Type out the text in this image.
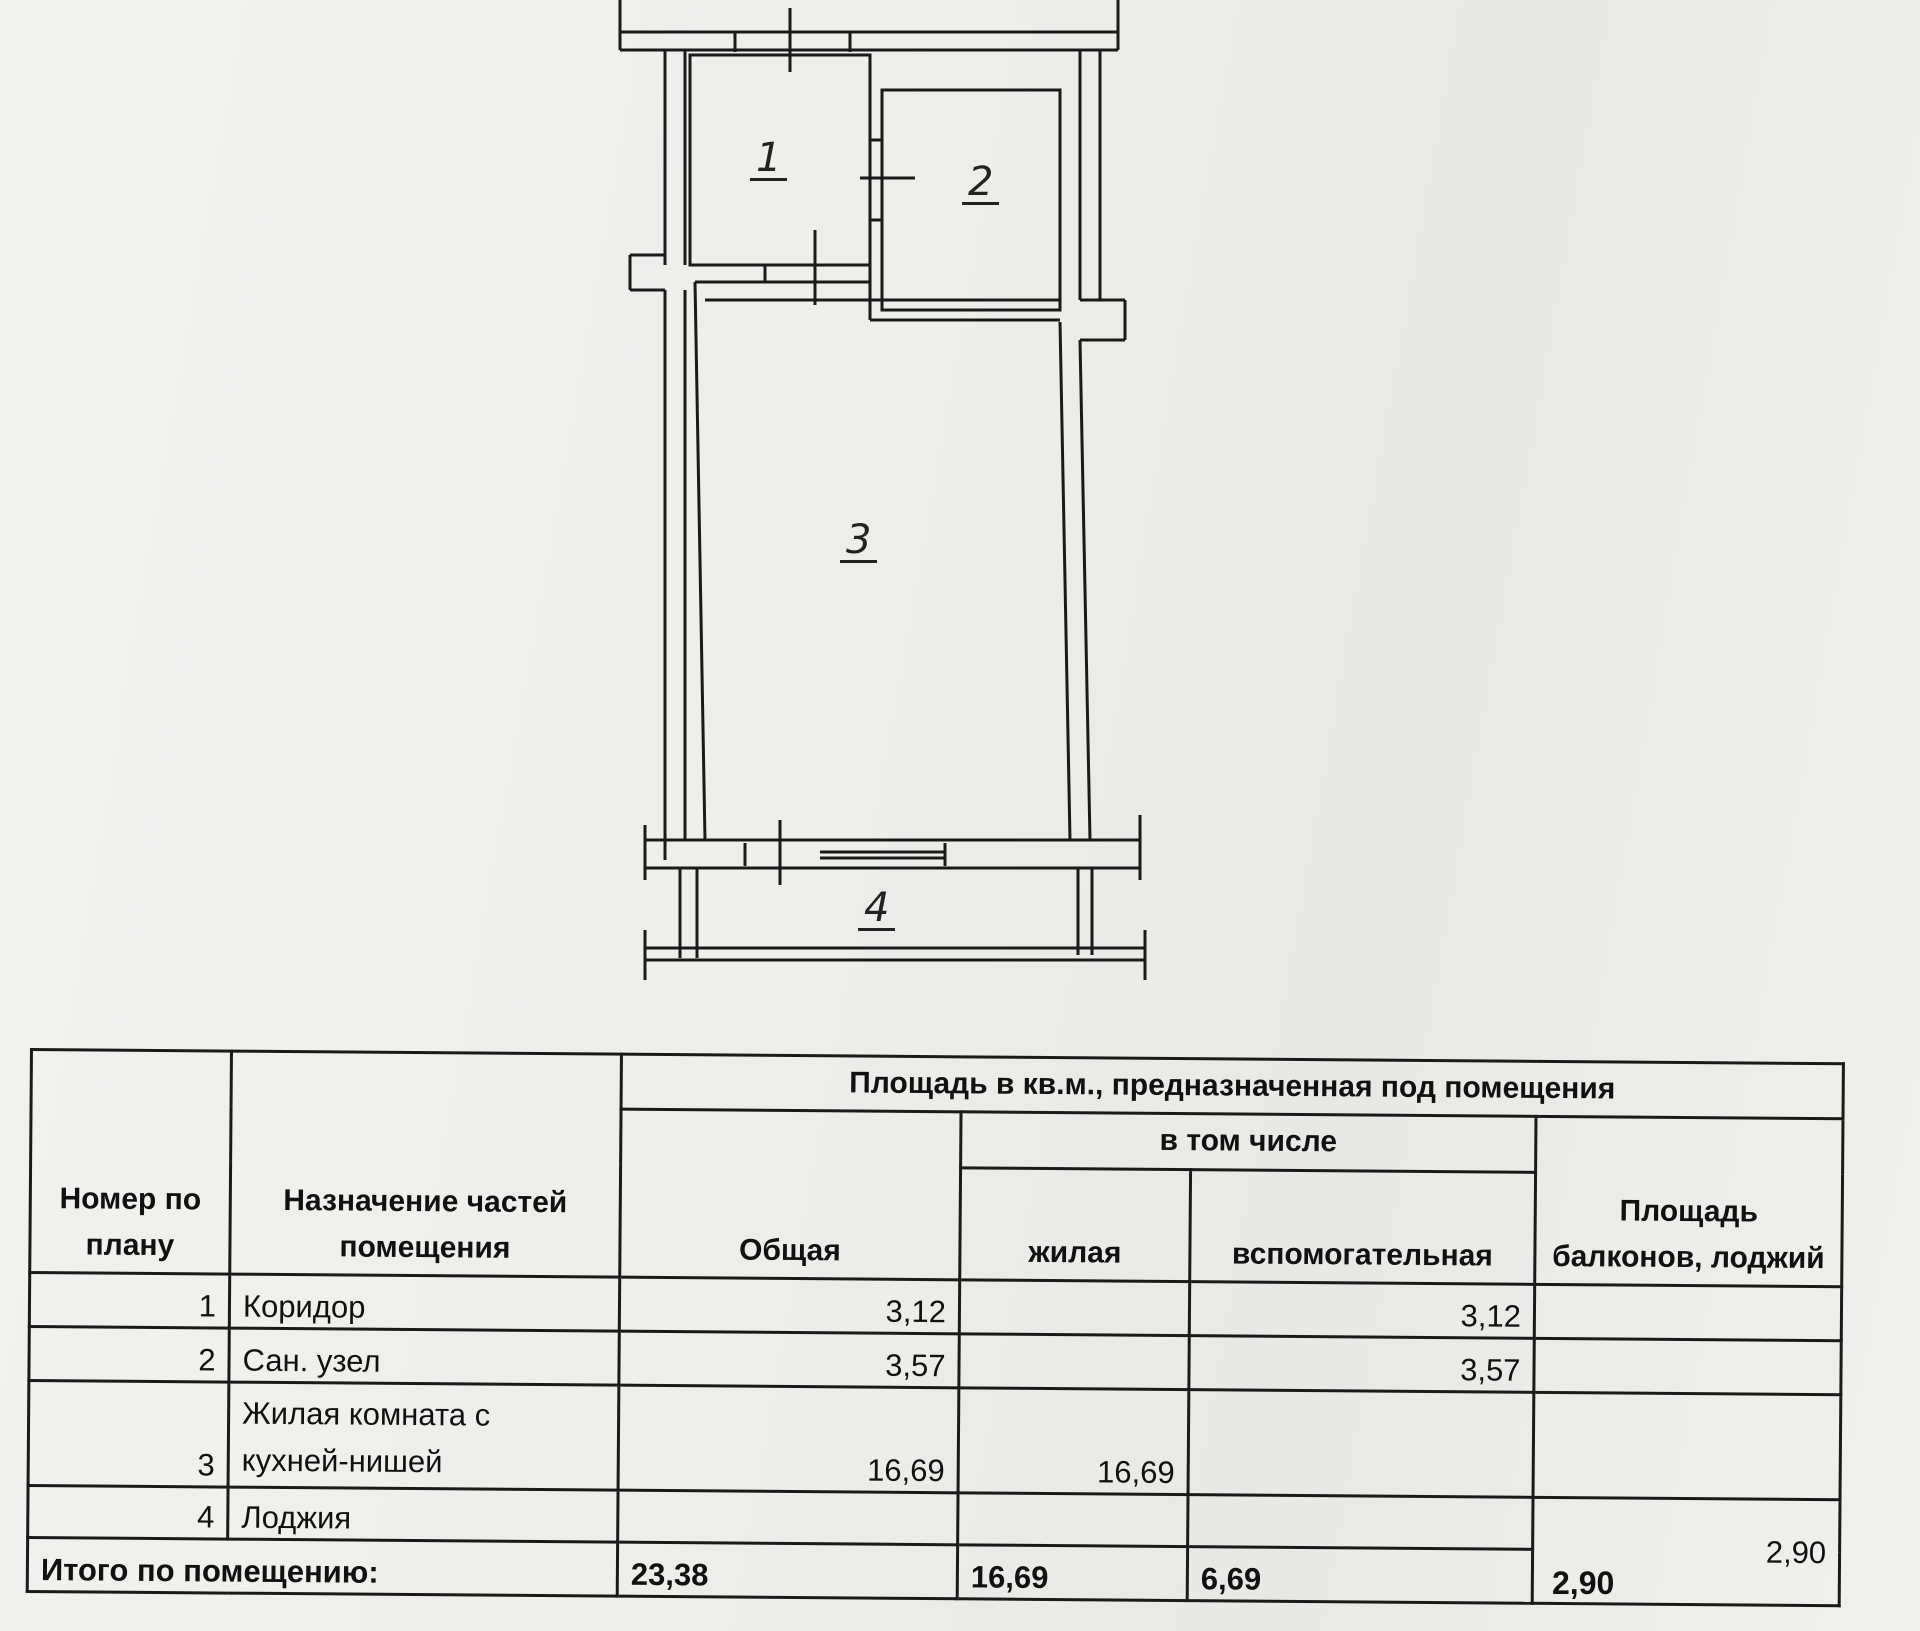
1
2
3
4
Номер по плану	Назначение частей помещения	Площадь в кв.м., предназначенная под помещения			
		Общая	в том числе		Площадь балконов, лоджий
			жилая	вспомогательная	
1	Коридор	3,12		3,12	
2	Сан. узел	3,57		3,57	
3	Жилая комната с кухней-нишей	16,69	16,69		
4	Лоджия				2,90
Итого по помещению:		23,38	16,69	6,69		2,90
